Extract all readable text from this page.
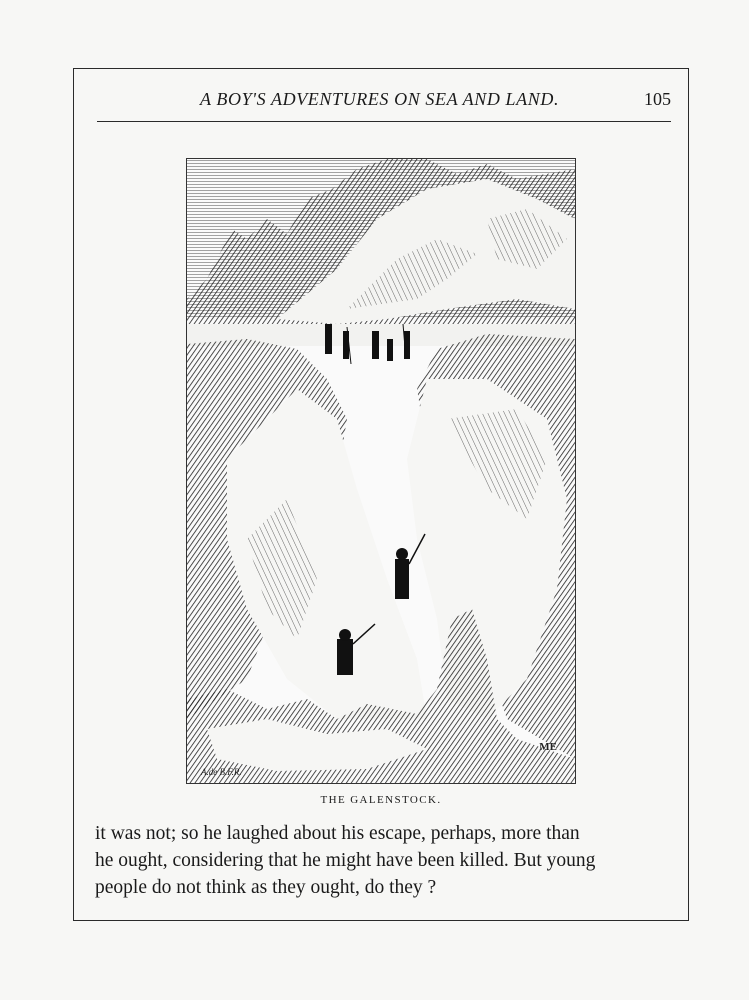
A BOY'S ADVENTURES ON SEA AND LAND.	105
A.de B.F.R.
ME
THE GALENSTOCK.
it was not; so he laughed about his escape, perhaps, more than
he ought, considering that he might have been killed. But young
people do not think as they ought, do they ?
